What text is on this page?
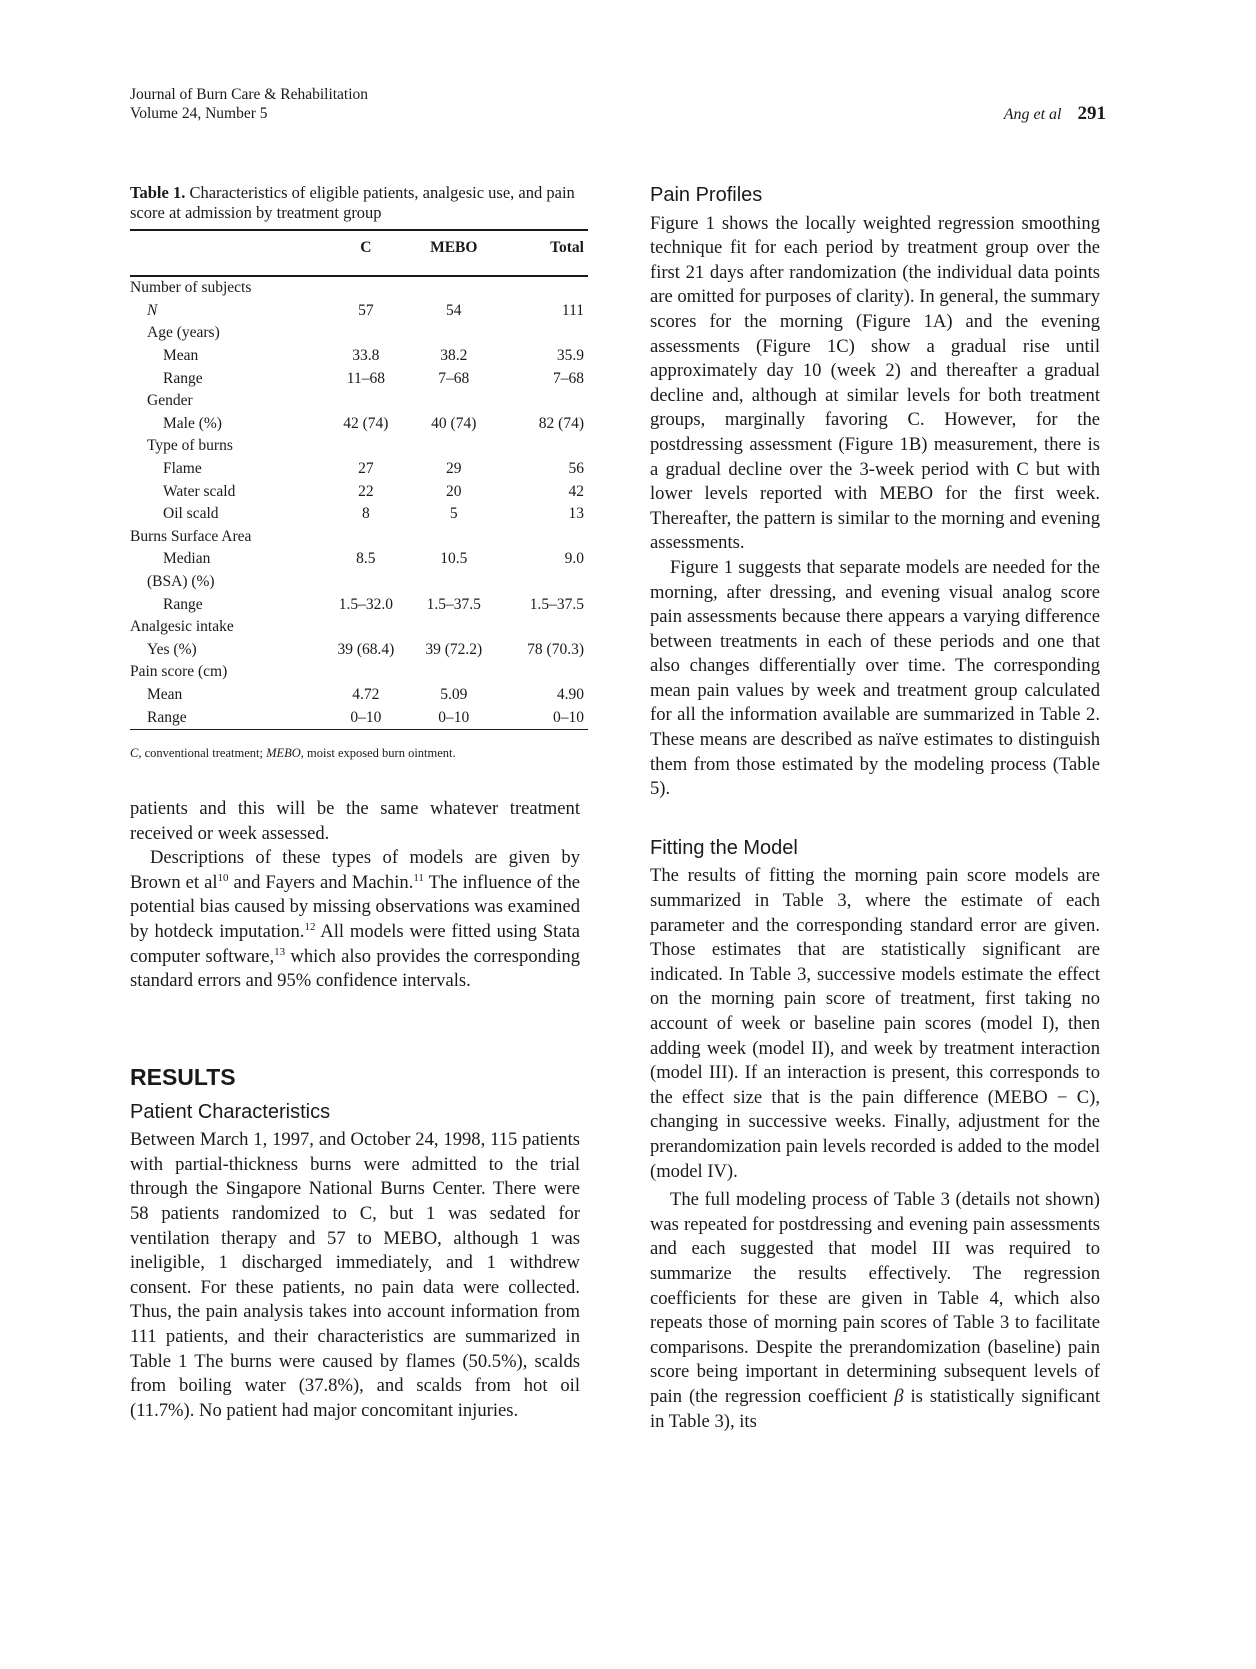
Journal of Burn Care & Rehabilitation
Volume 24, Number 5	Ang et al 291
Table 1. Characteristics of eligible patients, analgesic use, and pain score at admission by treatment group
	C	MEBO	Total

Number of subjects			
N	57	54	111
Age (years)			
Mean	33.8	38.2	35.9
Range	11–68	7–68	7–68
Gender			
Male (%)	42 (74)	40 (74)	82 (74)
Type of burns			
Flame	27	29	56
Water scald	22	20	42
Oil scald	8	5	13
Burns Surface Area			
Median	8.5	10.5	9.0
(BSA) (%)			
Range	1.5–32.0	1.5–37.5	1.5–37.5
Analgesic intake			
Yes (%)	39 (68.4)	39 (72.2)	78 (70.3)
Pain score (cm)			
Mean	4.72	5.09	4.90
Range	0–10	0–10	0–10
C, conventional treatment; MEBO, moist exposed burn ointment.

patients and this will be the same whatever treatment received or week assessed.

Descriptions of these types of models are given by Brown et $al^{10}$ and Fayers and Machin.$^{11}$ The influence of the potential bias caused by missing observations was examined by hotdeck imputation.$^{12}$ All models were fitted using Stata computer software,$^{13}$ which also provides the corresponding standard errors and 95% confidence intervals.

RESULTS
Patient Characteristics

Between March 1, 1997, and October 24, 1998, 115 patients with partial-thickness burns were admitted to the trial through the Singapore National Burns Center. There were 58 patients randomized to C, but 1 was sedated for ventilation therapy and 57 to MEBO, although 1 was ineligible, 1 discharged immediately, and 1 withdrew consent. For these patients, no pain data were collected. Thus, the pain analysis takes into account information from 111 patients, and their characteristics are summarized in Table 1 The burns were caused by flames (50.5%), scalds from boiling water (37.8%), and scalds from hot oil (11.7%). No patient had major concomitant injuries.

Pain Profiles

Figure 1 shows the locally weighted regression smoothing technique fit for each period by treatment group over the first 21 days after randomization (the individual data points are omitted for purposes of clarity). In general, the summary scores for the morning (Figure 1A) and the evening assessments (Figure 1C) show a gradual rise until approximately day 10 (week 2) and thereafter a gradual decline and, although at similar levels for both treatment groups, marginally favoring C. However, for the postdressing assessment (Figure 1B) measurement, there is a gradual decline over the 3-week period with C but with lower levels reported with MEBO for the first week. Thereafter, the pattern is similar to the morning and evening assessments.

Figure 1 suggests that separate models are needed for the morning, after dressing, and evening visual analog score pain assessments because there appears a varying difference between treatments in each of these periods and one that also changes differentially over time. The corresponding mean pain values by week and treatment group calculated for all the information available are summarized in Table 2. These means are described as naïve estimates to distinguish them from those estimated by the modeling process (Table 5).

Fitting the Model

The results of fitting the morning pain score models are summarized in Table 3, where the estimate of each parameter and the corresponding standard error are given. Those estimates that are statistically significant are indicated. In Table 3, successive models estimate the effect on the morning pain score of treatment, first taking no account of week or baseline pain scores (model I), then adding week (model II), and week by treatment interaction (model III). If an interaction is present, this corresponds to the effect size that is the pain difference (MEBO − C), changing in successive weeks. Finally, adjustment for the prerandomization pain levels recorded is added to the model (model IV).

The full modeling process of Table 3 (details not shown) was repeated for postdressing and evening pain assessments and each suggested that model III was required to summarize the results effectively. The regression coefficients for these are given in Table 4, which also repeats those of morning pain scores of Table 3 to facilitate comparisons. Despite the prerandomization (baseline) pain score being important in determining subsequent levels of pain (the regression coefficient β is statistically significant in Table 3), its
